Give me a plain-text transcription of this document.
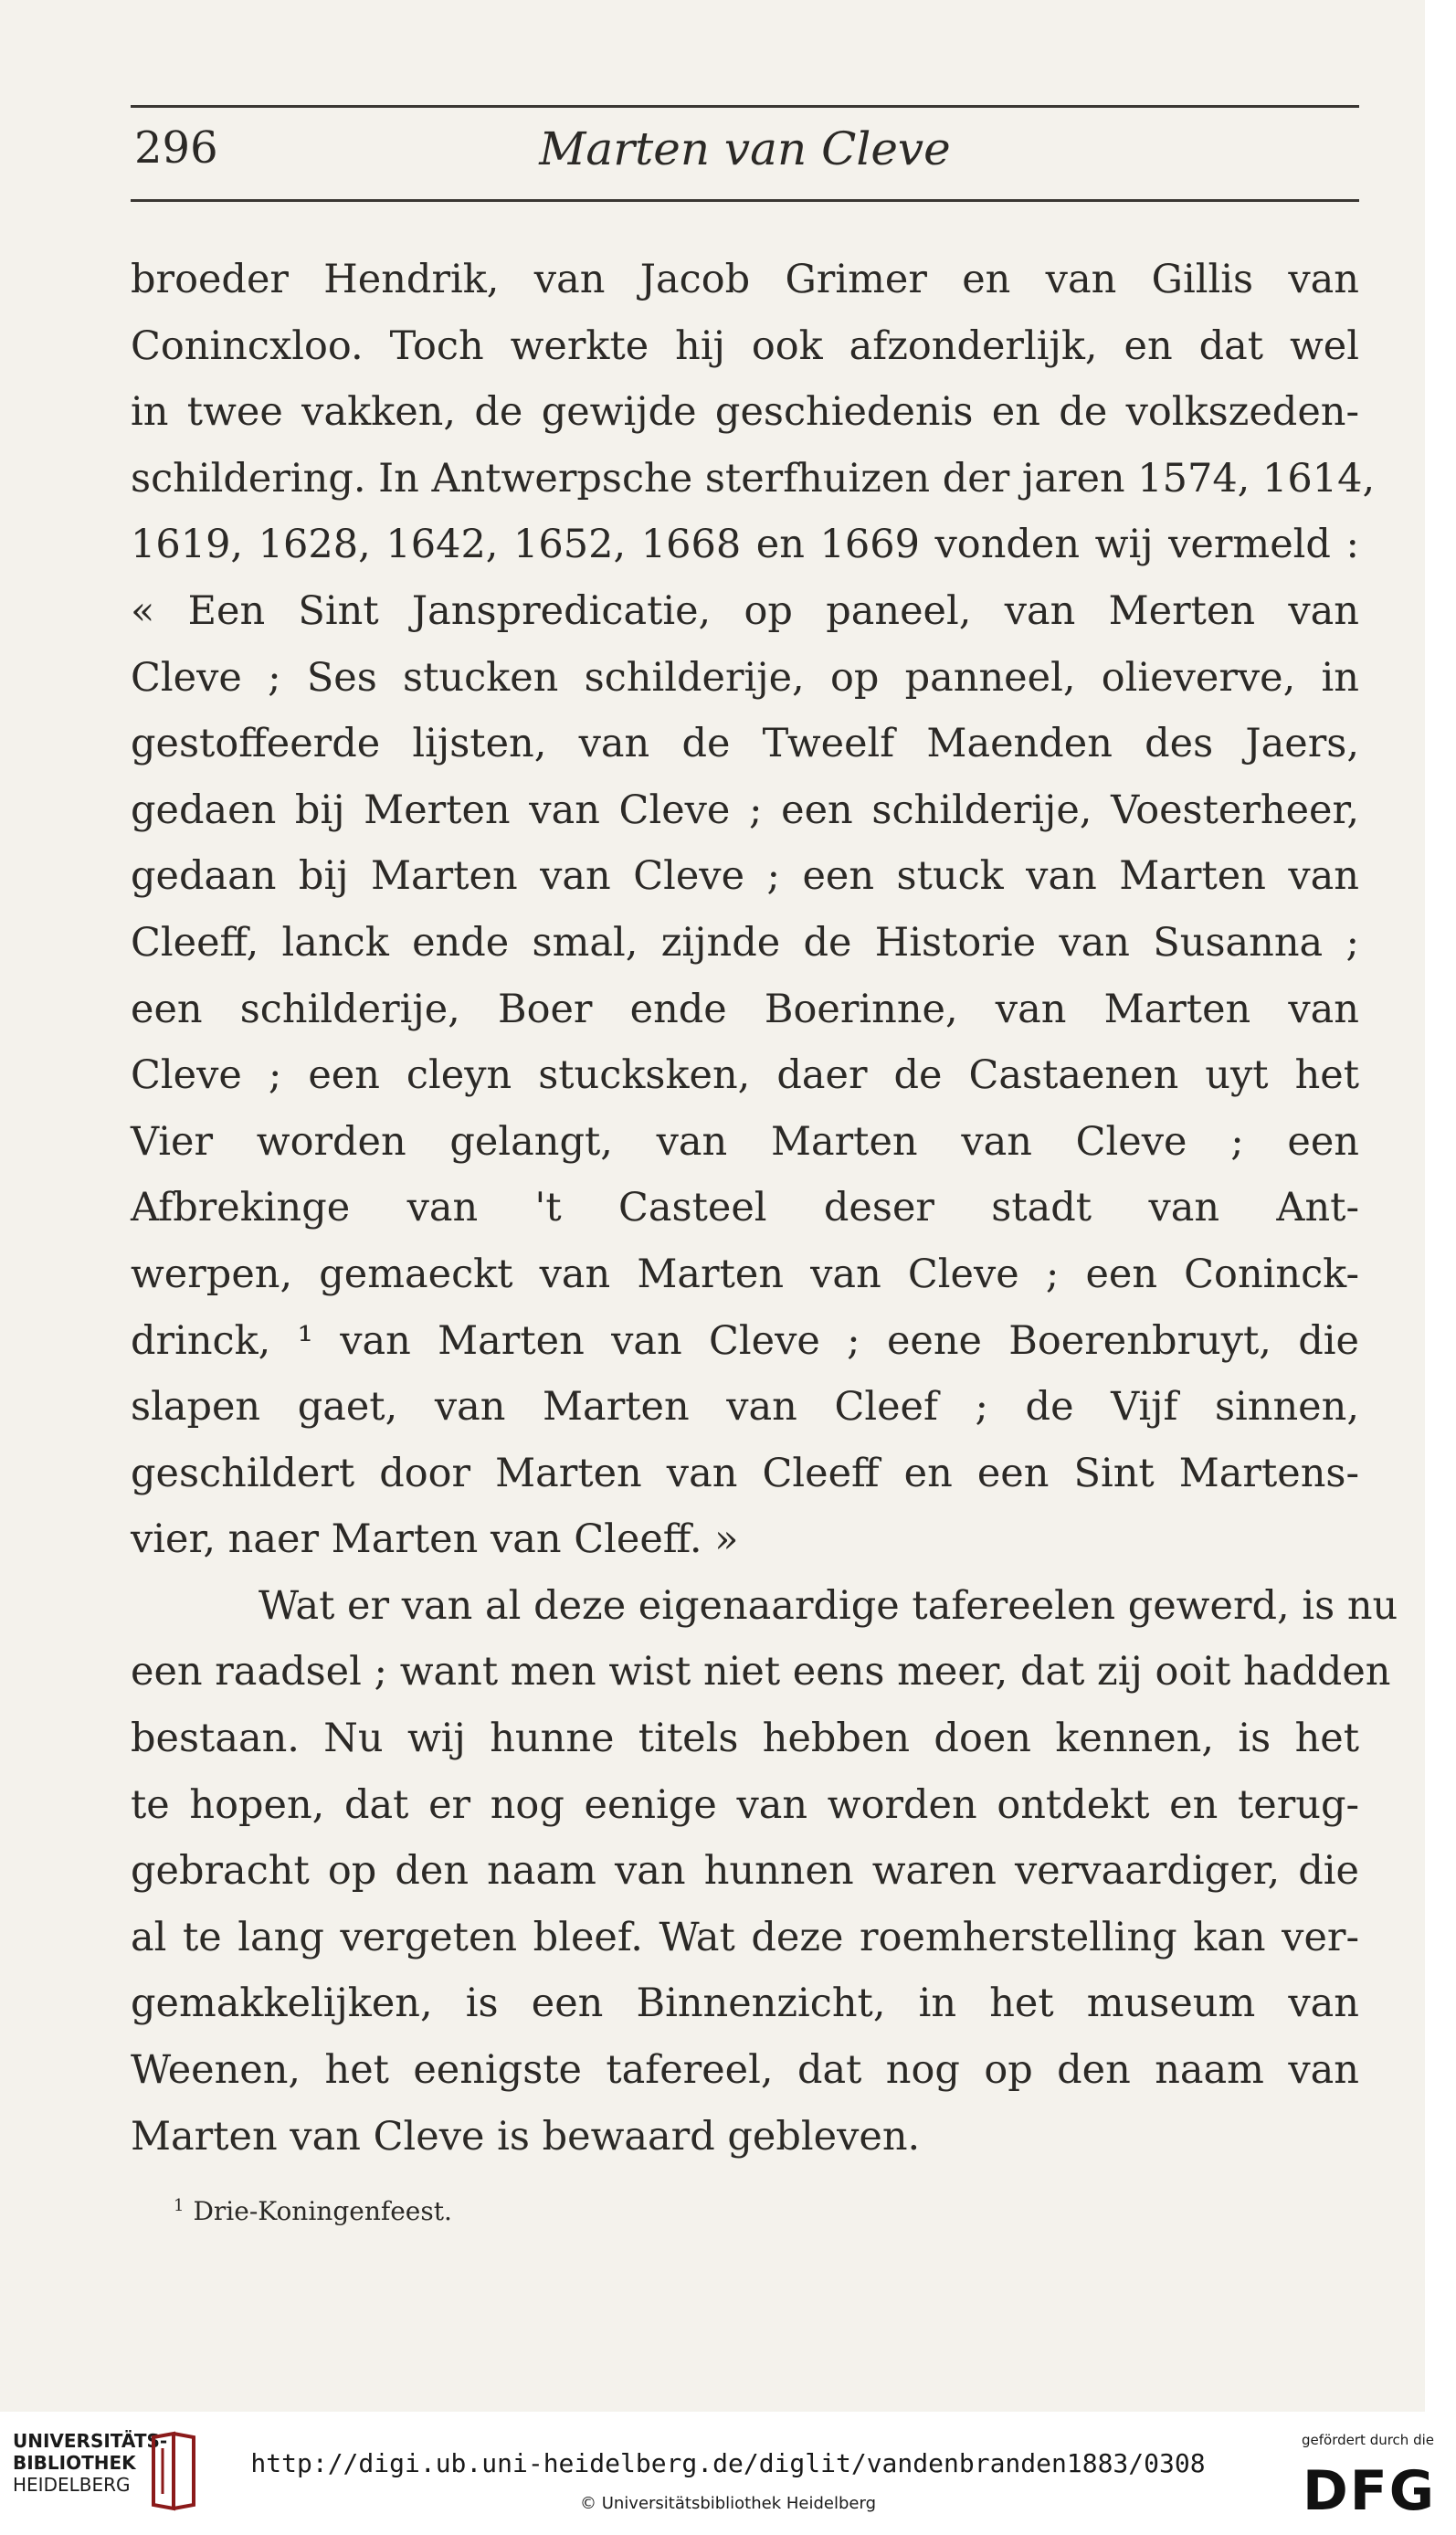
296	Marten van Cleve
broeder Hendrik, van Jacob Grimer en van Gillis van
Conincxloo. Toch werkte hij ook afzonderlijk, en dat wel
in twee vakken, de gewijde geschiedenis en de volkszeden-
schildering. In Antwerpsche sterfhuizen der jaren 1574, 1614,
1619, 1628, 1642, 1652, 1668 en 1669 vonden wij vermeld :
« Een Sint Janspredicatie, op paneel, van Merten van
Cleve ; Ses stucken schilderije, op panneel, olieverve, in
gestoffeerde lijsten, van de Tweelf Maenden des Jaers,
gedaen bij Merten van Cleve ; een schilderije, Voesterheer,
gedaan bij Marten van Cleve ; een stuck van Marten van
Cleeff, lanck ende smal, zijnde de Historie van Susanna ;
een schilderije, Boer ende Boerinne, van Marten van
Cleve ; een cleyn stucksken, daer de Castaenen uyt het
Vier worden gelangt, van Marten van Cleve ; een
Afbrekinge van 't Casteel deser stadt van Ant-
werpen, gemaeckt van Marten van Cleve ; een Coninck-
drinck, ¹ van Marten van Cleve ; eene Boerenbruyt, die
slapen gaet, van Marten van Cleef ; de Vijf sinnen,
geschildert door Marten van Cleeff en een Sint Martens-
vier, naer Marten van Cleeff. »
Wat er van al deze eigenaardige tafereelen gewerd, is nu
een raadsel ; want men wist niet eens meer, dat zij ooit hadden
bestaan. Nu wij hunne titels hebben doen kennen, is het
te hopen, dat er nog eenige van worden ontdekt en terug-
gebracht op den naam van hunnen waren vervaardiger, die
al te lang vergeten bleef. Wat deze roemherstelling kan ver-
gemakkelijken, is een Binnenzicht, in het museum van
Weenen, het eenigste tafereel, dat nog op den naam van
Marten van Cleve is bewaard gebleven.
$^1$ Drie-Koningenfeest.
UNIVERSITÄTS-
BIBLIOTHEK
HEIDELBERG
http://digi.ub.uni-heidelberg.de/diglit/vandenbranden1883/0308
© Universitätsbibliothek Heidelberg
gefördert durch die
DFG
